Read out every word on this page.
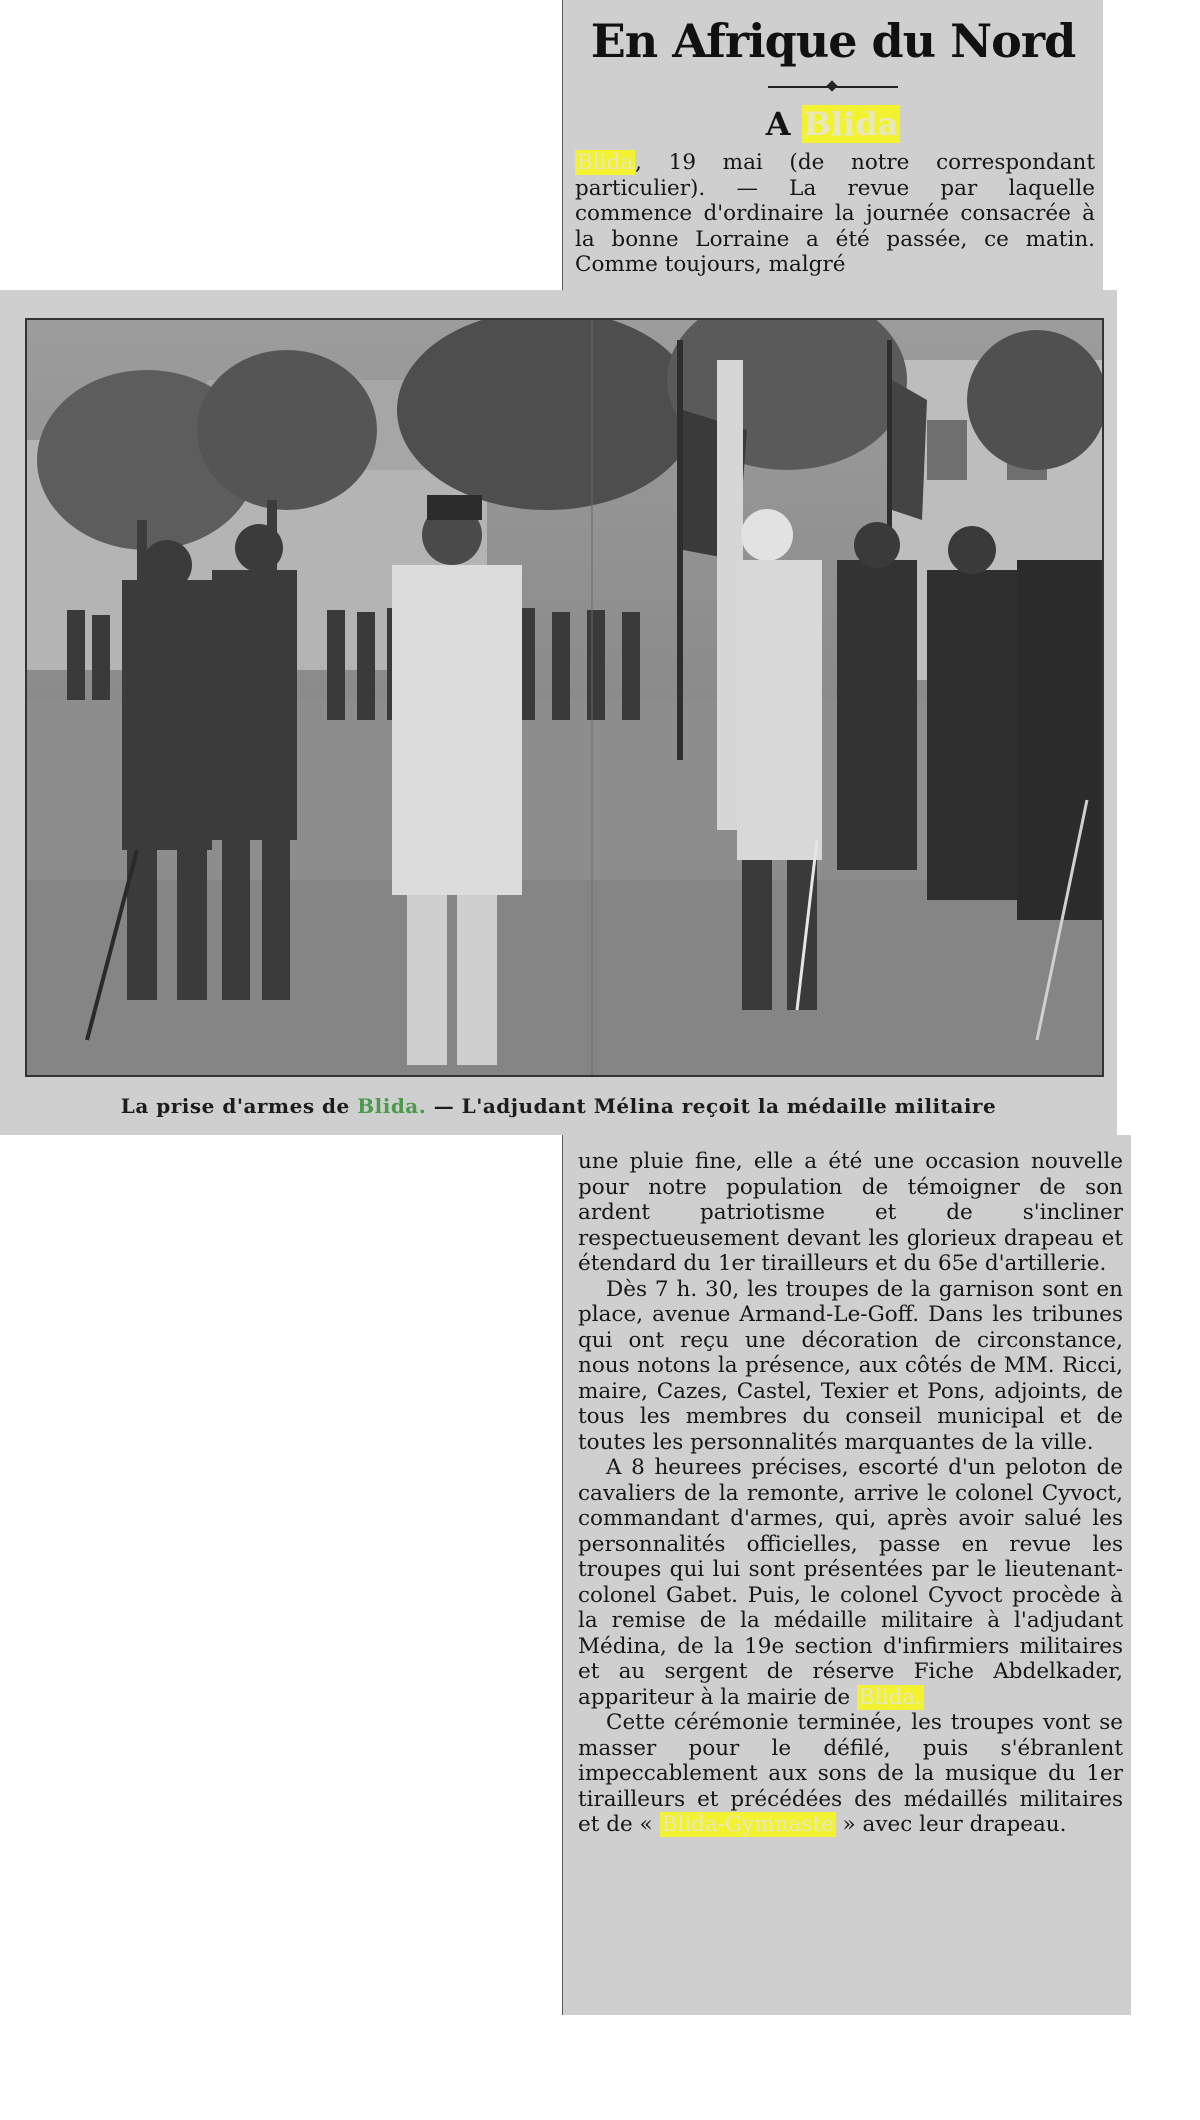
En Afrique du Nord
A Blida
Blida, 19 mai (de notre correspondant particulier). — La revue par laquelle commence d'ordinaire la journée consacrée à la bonne Lorraine a été passée, ce matin. Comme toujours, malgré
La prise d'armes de Blida. — L'adjudant Mélina reçoit la médaille militaire
une pluie fine, elle a été une occasion nouvelle pour notre population de témoigner de son ardent patriotisme et de s'incliner respectueusement devant les glorieux drapeau et étendard du 1er tirailleurs et du 65e d'artillerie.
Dès 7 h. 30, les troupes de la garnison sont en place, avenue Armand-Le-Goff. Dans les tribunes qui ont reçu une décoration de circonstance, nous notons la présence, aux côtés de MM. Ricci, maire, Cazes, Castel, Texier et Pons, adjoints, de tous les membres du conseil municipal et de toutes les personnalités marquantes de la ville.
A 8 heurees précises, escorté d'un peloton de cavaliers de la remonte, arrive le colonel Cyvoct, commandant d'armes, qui, après avoir salué les personnalités officielles, passe en revue les troupes qui lui sont présentées par le lieutenant-colonel Gabet. Puis, le colonel Cyvoct procède à la remise de la médaille militaire à l'adjudant Médina, de la 19e section d'infirmiers militaires et au sergent de réserve Fiche Abdelkader, appariteur à la mairie de Blida.
Cette cérémonie terminée, les troupes vont se masser pour le défilé, puis s'ébranlent impeccablement aux sons de la musique du 1er tirailleurs et précédées des médaillés militaires et de « Blida-Gymnaste » avec leur drapeau.
